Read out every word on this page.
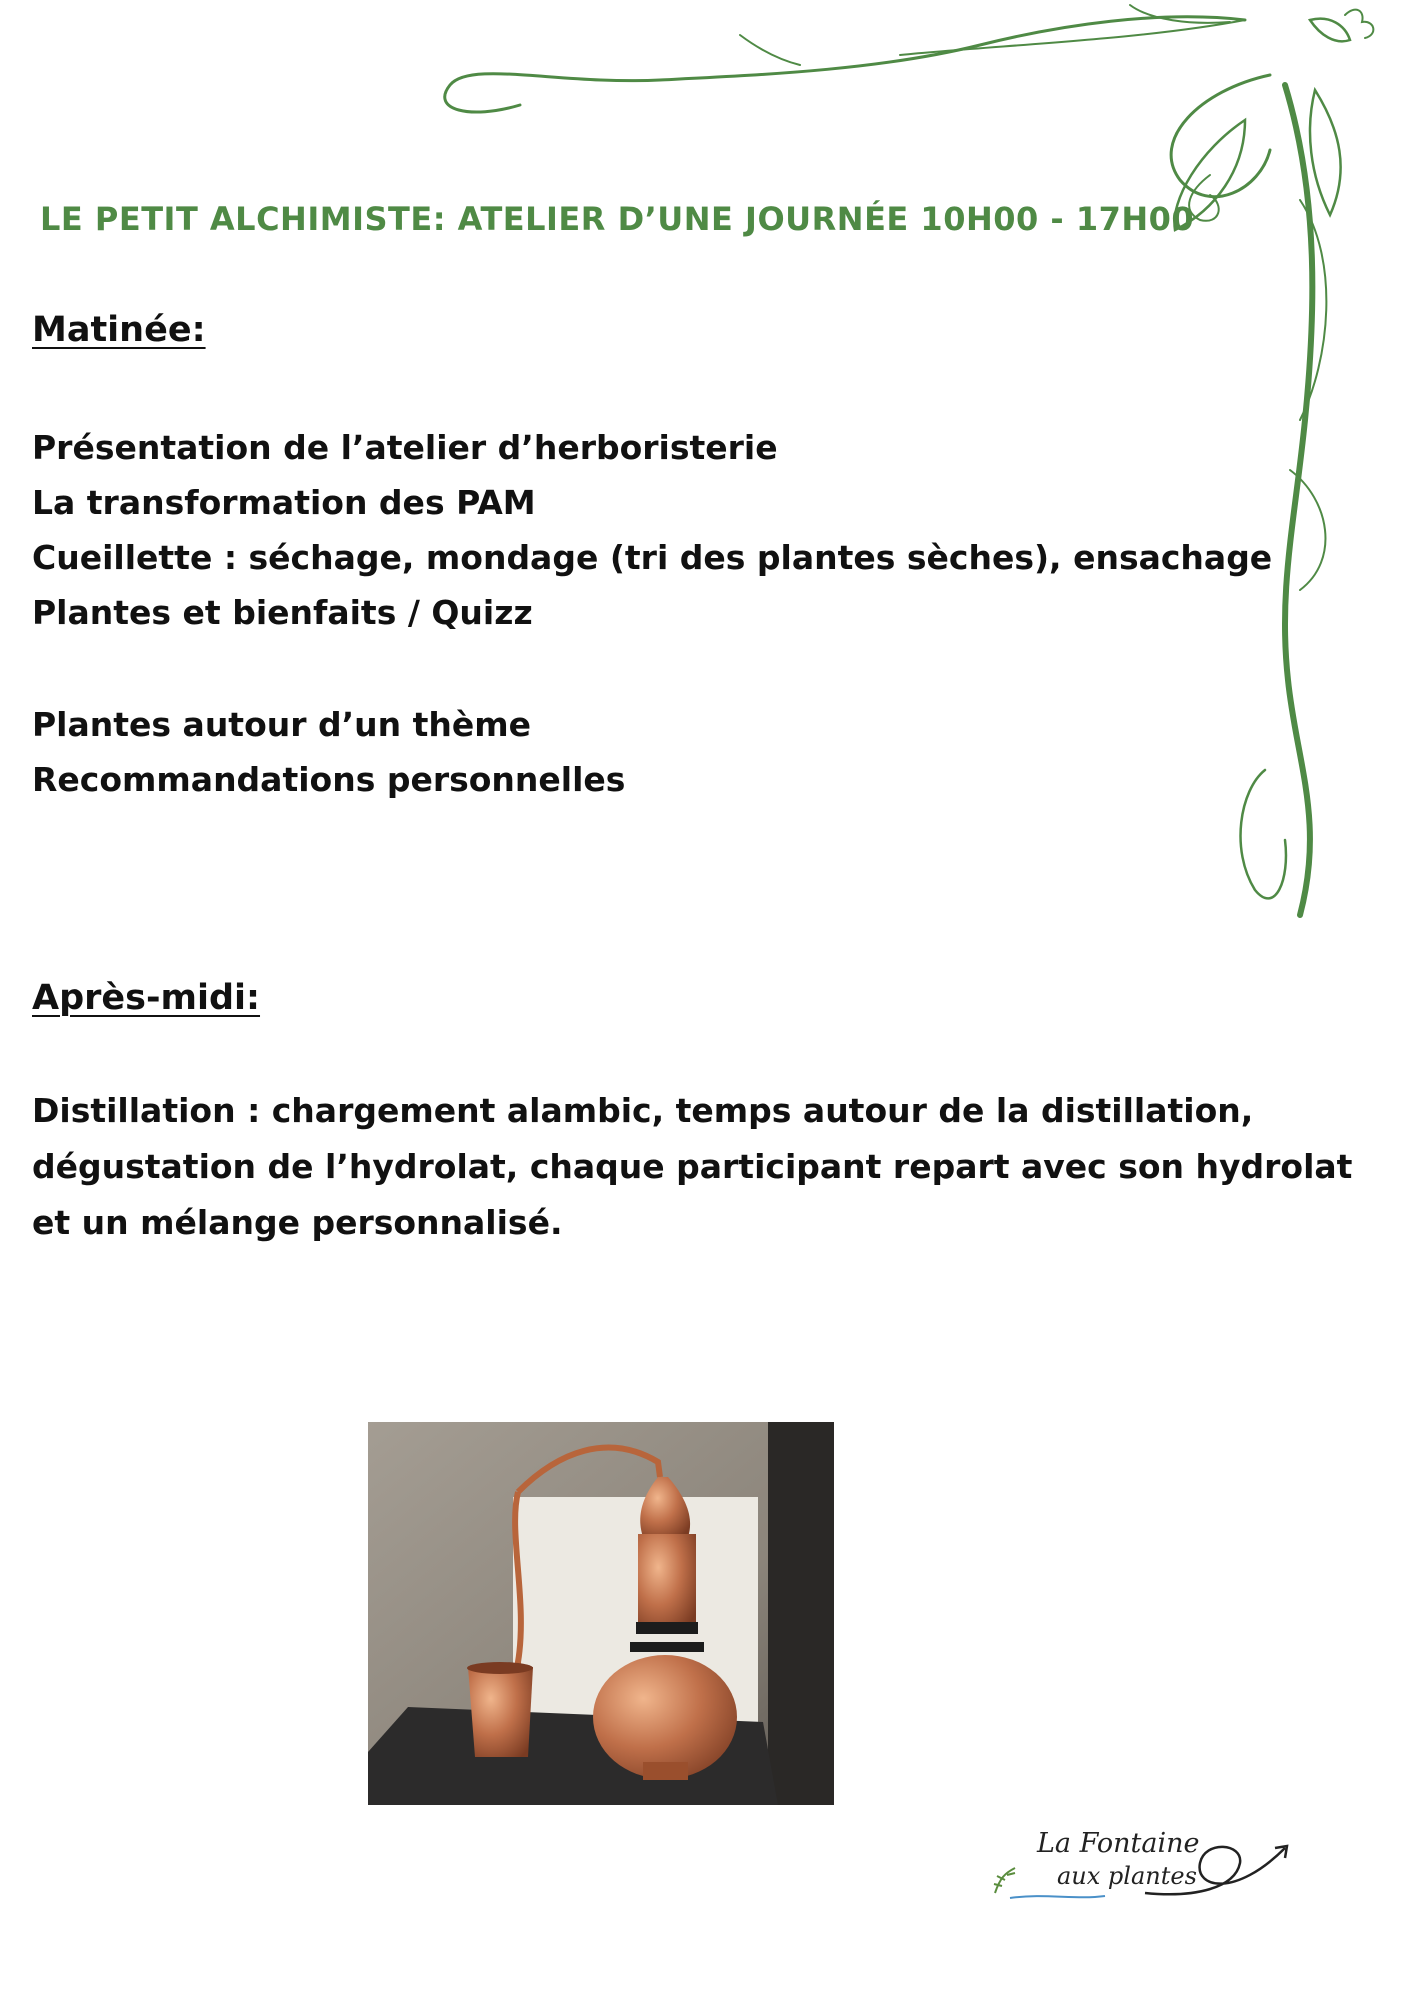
LE PETIT ALCHIMISTE: ATELIER D’UNE JOURNÉE 10H00 - 17H00
Matinée:
Présentation de l’atelier d’herboristerie
La transformation des PAM
Cueillette : séchage, mondage (tri des plantes sèches), ensachage
Plantes et bienfaits / Quizz
Plantes autour d’un thème
Recommandations personnelles
Après-midi:

Distillation : chargement alambic, temps autour de la distillation, dégustation de l’hydrolat, chaque participant repart avec son hydrolat et un mélange personnalisé.

La Fontaine
aux plantes
